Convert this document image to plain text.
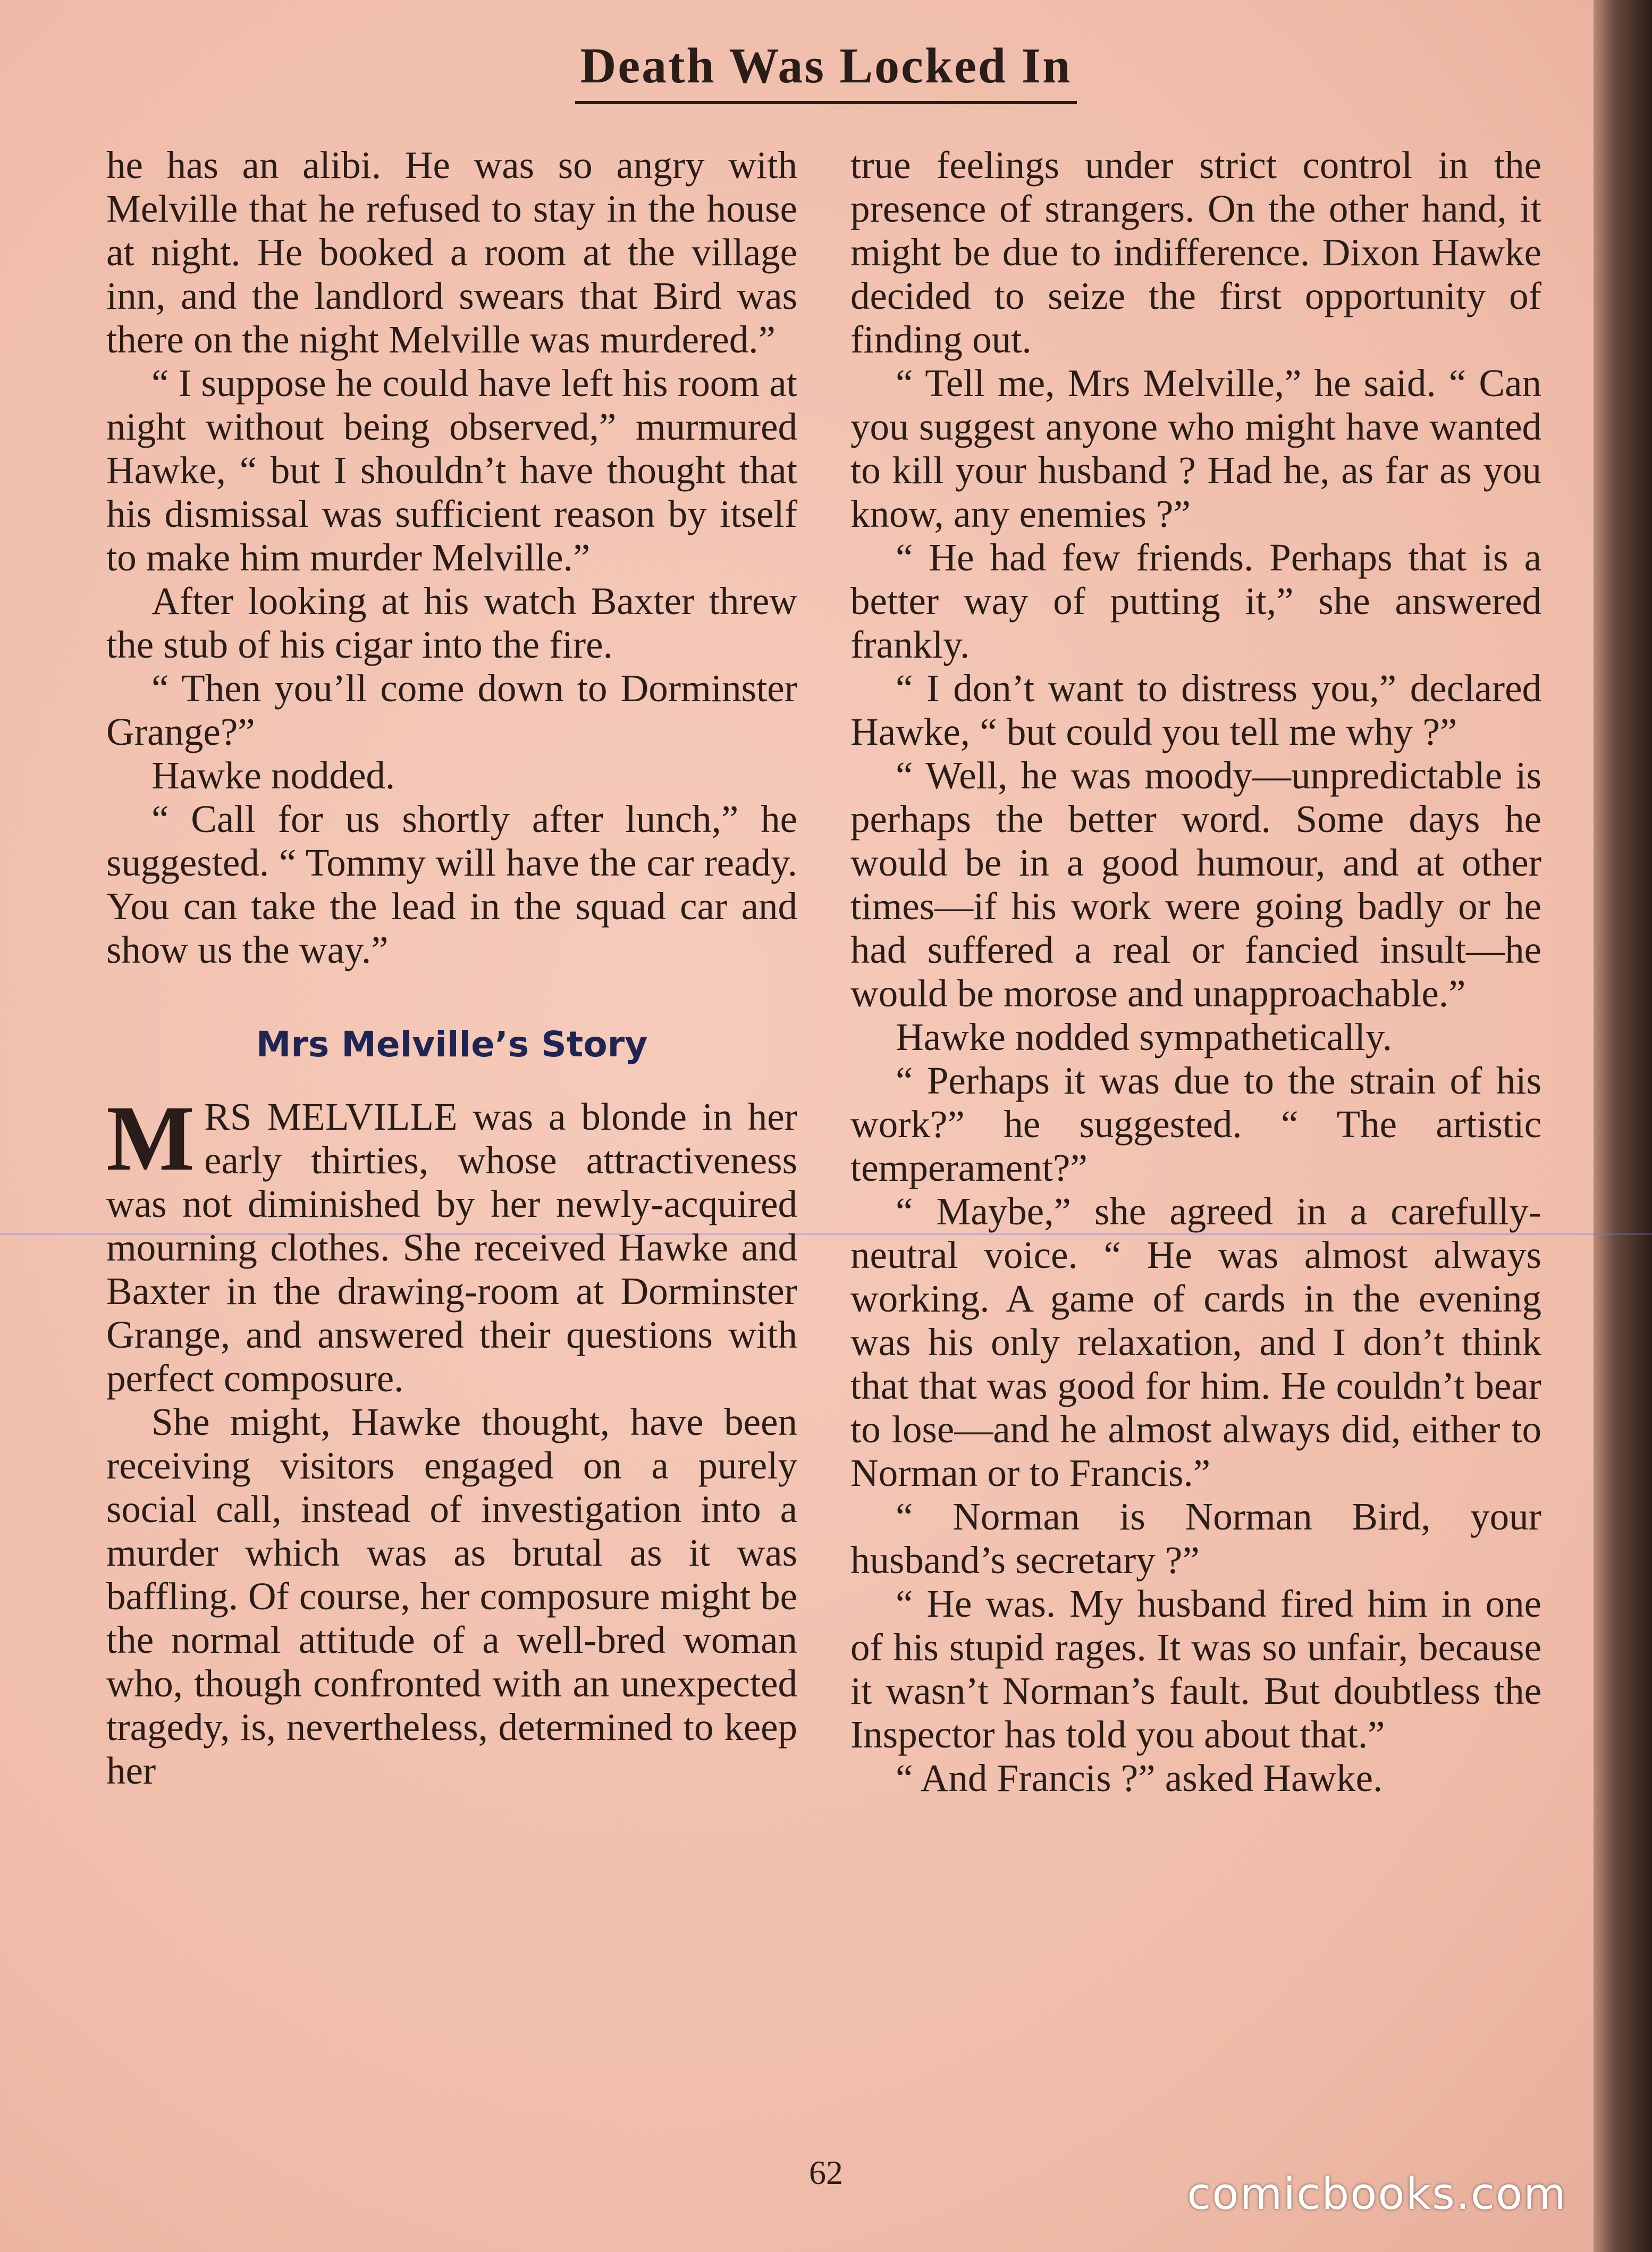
Death Was Locked In

he has an alibi. He was so angry with Melville that he refused to stay in the house at night. He booked a room at the village inn, and the landlord swears that Bird was there on the night Melville was murdered.”

“ I suppose he could have left his room at night without being observed,” murmured Hawke, “ but I shouldn’t have thought that his dismissal was sufficient reason by itself to make him murder Melville.”

After looking at his watch Baxter threw the stub of his cigar into the fire.

“ Then you’ll come down to Dorminster Grange?”

Hawke nodded.

“ Call for us shortly after lunch,” he suggested. “ Tommy will have the car ready. You can take the lead in the squad car and show us the way.”

Mrs Melville’s Story
M RS MELVILLE was a blonde in her early thirties, whose attractiveness was not diminished by her newly-acquired mourning clothes. She received Hawke and Baxter in the drawing-room at Dorminster Grange, and answered their questions with perfect composure.

She might, Hawke thought, have been receiving visitors engaged on a purely social call, instead of investigation into a murder which was as brutal as it was baffling. Of course, her composure might be the normal attitude of a well-bred woman who, though confronted with an unexpected tragedy, is, nevertheless, determined to keep her

true feelings under strict control in the presence of strangers. On the other hand, it might be due to indifference. Dixon Hawke decided to seize the first opportunity of finding out.

“ Tell me, Mrs Melville,” he said. “ Can you suggest anyone who might have wanted to kill your husband ? Had he, as far as you know, any enemies ?”

“ He had few friends. Perhaps that is a better way of putting it,” she answered frankly.

“ I don’t want to distress you,” declared Hawke, “ but could you tell me why ?”

“ Well, he was moody—unpredictable is perhaps the better word. Some days he would be in a good humour, and at other times—if his work were going badly or he had suffered a real or fancied insult—he would be morose and unapproachable.”

Hawke nodded sympathetically.

“ Perhaps it was due to the strain of his work?” he suggested. “ The artistic temperament?”

“ Maybe,” she agreed in a carefully-neutral voice. “ He was almost always working. A game of cards in the evening was his only relaxation, and I don’t think that that was good for him. He couldn’t bear to lose—and he almost always did, either to Norman or to Francis.”

“ Norman is Norman Bird, your husband’s secretary ?”

“ He was. My husband fired him in one of his stupid rages. It was so unfair, because it wasn’t Norman’s fault. But doubtless the Inspector has told you about that.”

“ And Francis ?” asked Hawke.

62	comicbooks.com
